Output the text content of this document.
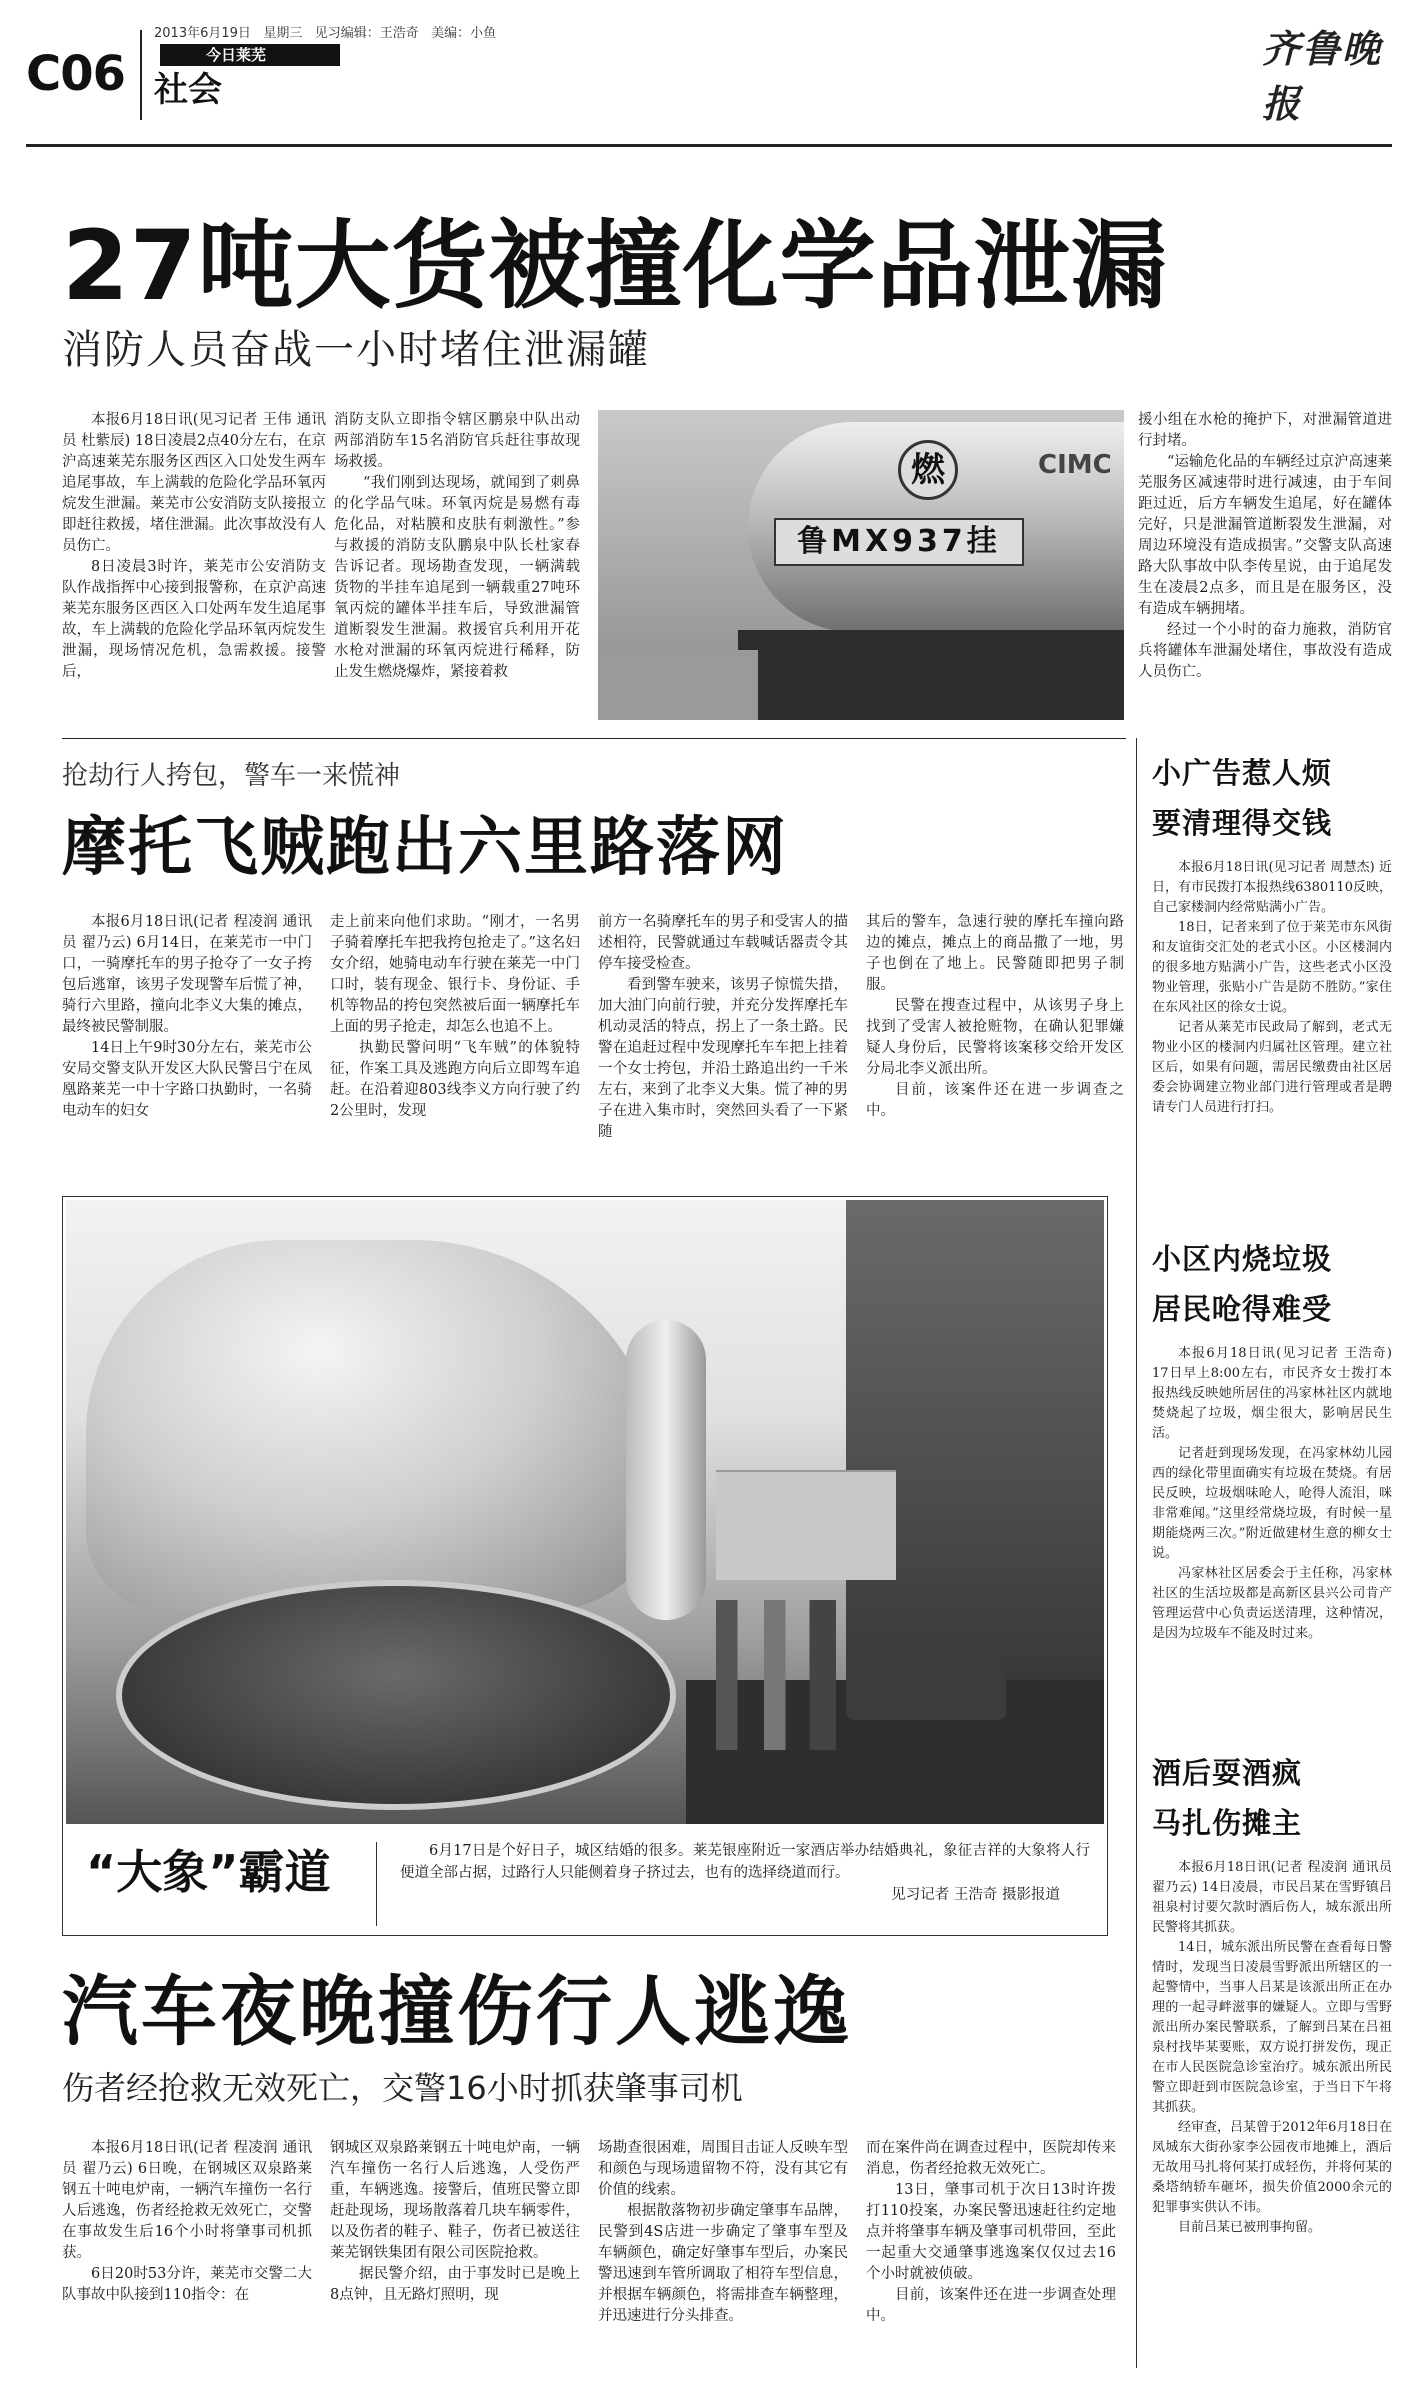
C06
2013年6月19日 星期三 见习编辑：王浩奇 美编：小鱼
今日莱芜
社会
齐鲁晚报
27吨大货被撞化学品泄漏
消防人员奋战一小时堵住泄漏罐

本报6月18日讯(见习记者 王伟 通讯员 杜紫辰) 18日凌晨2点40分左右，在京沪高速莱芜东服务区西区入口处发生两车追尾事故，车上满载的危险化学品环氧丙烷发生泄漏。莱芜市公安消防支队接报立即赶往救援，堵住泄漏。此次事故没有人员伤亡。

8日凌晨3时许，莱芜市公安消防支队作战指挥中心接到报警称，在京沪高速莱芜东服务区西区入口处两车发生追尾事故，车上满载的危险化学品环氧丙烷发生泄漏，现场情况危机，急需救援。接警后，

燃	CIMC
鲁MX937挂

消防支队立即指令辖区鹏泉中队出动两部消防车15名消防官兵赶往事故现场救援。

“我们刚到达现场，就闻到了刺鼻的化学品气味。环氧丙烷是易燃有毒危化品，对粘膜和皮肤有刺激性。”参与救援的消防支队鹏泉中队长杜家春告诉记者。现场勘查发现，一辆满载货物的半挂车追尾到一辆载重27吨环氧丙烷的罐体半挂车后，导致泄漏管道断裂发生泄漏。救援官兵利用开花水枪对泄漏的环氧丙烷进行稀释，防止发生燃烧爆炸，紧接着救

援小组在水枪的掩护下，对泄漏管道进行封堵。

“运输危化品的车辆经过京沪高速莱芜服务区减速带时进行减速，由于车间距过近，后方车辆发生追尾，好在罐体完好，只是泄漏管道断裂发生泄漏，对周边环境没有造成损害。”交警支队高速路大队事故中队李传星说，由于追尾发生在凌晨2点多，而且是在服务区，没有造成车辆拥堵。

经过一个小时的奋力施救，消防官兵将罐体车泄漏处堵住，事故没有造成人员伤亡。

抢劫行人挎包，警车一来慌神
摩托飞贼跑出六里路落网

本报6月18日讯(记者 程凌润 通讯员 翟乃云) 6月14日，在莱芜市一中门口，一骑摩托车的男子抢夺了一女子挎包后逃窜，该男子发现警车后慌了神，骑行六里路，撞向北李义大集的摊点，最终被民警制服。

14日上午9时30分左右，莱芜市公安局交警支队开发区大队民警吕宁在凤凰路莱芜一中十字路口执勤时，一名骑电动车的妇女

走上前来向他们求助。“刚才，一名男子骑着摩托车把我挎包抢走了。”这名妇女介绍，她骑电动车行驶在莱芜一中门口时，装有现金、银行卡、身份证、手机等物品的挎包突然被后面一辆摩托车上面的男子抢走，却怎么也追不上。

执勤民警问明“飞车贼”的体貌特征，作案工具及逃跑方向后立即驾车追赶。在沿着迎803线李义方向行驶了约2公里时，发现

前方一名骑摩托车的男子和受害人的描述相符，民警就通过车载喊话器责令其停车接受检查。

看到警车驶来，该男子惊慌失措，加大油门向前行驶，并充分发挥摩托车机动灵活的特点，拐上了一条土路。民警在追赶过程中发现摩托车车把上挂着一个女士挎包，并沿土路追出约一千米左右，来到了北李义大集。慌了神的男子在进入集市时，突然回头看了一下紧随

其后的警车，急速行驶的摩托车撞向路边的摊点，摊点上的商品撒了一地，男子也倒在了地上。民警随即把男子制服。

民警在搜查过程中，从该男子身上找到了受害人被抢赃物，在确认犯罪嫌疑人身份后，民警将该案移交给开发区分局北李义派出所。

目前，该案件还在进一步调查之中。

“大象”霸道	6月17日是个好日子，城区结婚的很多。莱芜银座附近一家酒店举办结婚典礼，象征吉祥的大象将人行便道全部占据，过路行人只能侧着身子挤过去，也有的选择绕道而行。

见习记者 王浩奇 摄影报道

汽车夜晚撞伤行人逃逸
伤者经抢救无效死亡，交警16小时抓获肇事司机

本报6月18日讯(记者 程凌润 通讯员 翟乃云) 6日晚，在钢城区双泉路莱钢五十吨电炉南，一辆汽车撞伤一名行人后逃逸，伤者经抢救无效死亡，交警在事故发生后16个小时将肇事司机抓获。

6日20时53分许，莱芜市交警二大队事故中队接到110指令：在

钢城区双泉路莱钢五十吨电炉南，一辆汽车撞伤一名行人后逃逸，人受伤严重，车辆逃逸。接警后，值班民警立即赶赴现场，现场散落着几块车辆零件，以及伤者的鞋子、鞋子，伤者已被送往莱芜钢铁集团有限公司医院抢救。

据民警介绍，由于事发时已是晚上8点钟，且无路灯照明，现

场勘查很困难，周围目击证人反映车型和颜色与现场遗留物不符，没有其它有价值的线索。

根据散落物初步确定肇事车品牌，民警到4S店进一步确定了肇事车型及车辆颜色，确定好肇事车型后，办案民警迅速到车管所调取了相符车型信息，并根据车辆颜色，将需排查车辆整理，并迅速进行分头排查。

而在案件尚在调查过程中，医院却传来消息，伤者经抢救无效死亡。

13日，肇事司机于次日13时许拨打110投案，办案民警迅速赶往约定地点并将肇事车辆及肇事司机带回，至此一起重大交通肇事逃逸案仅仅过去16个小时就被侦破。

目前，该案件还在进一步调查处理中。

小广告惹人烦
要清理得交钱

本报6月18日讯(见习记者 周慧杰) 近日，有市民拨打本报热线6380110反映，自己家楼洞内经常贴满小广告。

18日，记者来到了位于莱芜市东风街和友谊街交汇处的老式小区。小区楼洞内的很多地方贴满小广告，这些老式小区没物业管理，张贴小广告是防不胜防。”家住在东风社区的徐女士说。

记者从莱芜市民政局了解到，老式无物业小区的楼洞内归属社区管理。建立社区后，如果有问题，需居民缴费由社区居委会协调建立物业部门进行管理或者是聘请专门人员进行打扫。

小区内烧垃圾
居民呛得难受

本报6月18日讯(见习记者 王浩奇) 17日早上8:00左右，市民齐女士拨打本报热线反映她所居住的冯家林社区内就地焚烧起了垃圾，烟尘很大，影响居民生活。

记者赶到现场发现，在冯家林幼儿园西的绿化带里面确实有垃圾在焚烧。有居民反映，垃圾烟味呛人，呛得人流泪，咪非常难闻。”这里经常烧垃圾，有时候一星期能烧两三次。”附近做建材生意的柳女士说。

冯家林社区居委会于主任称，冯家林社区的生活垃圾都是高新区县兴公司肯产管理运营中心负责运送清理，这种情况，是因为垃圾车不能及时过来。

酒后耍酒疯
马扎伤摊主

本报6月18日讯(记者 程凌润 通讯员 翟乃云) 14日凌晨，市民吕某在雪野镇吕祖泉村讨要欠款时酒后伤人，城东派出所民警将其抓获。

14日，城东派出所民警在查看每日警情时，发现当日凌晨雪野派出所辖区的一起警情中，当事人吕某是该派出所正在办理的一起寻衅滋事的嫌疑人。立即与雪野派出所办案民警联系，了解到吕某在吕祖泉村找毕某要账，双方说打拼发伤，现正在市人民医院急诊室治疗。城东派出所民警立即赶到市医院急诊室，于当日下午将其抓获。

经审查，吕某曾于2012年6月18日在凤城东大街孙家李公园夜市地摊上，酒后无故用马扎将何某打成轻伤，并将何某的桑塔纳轿车砸坏，损失价值2000余元的犯罪事实供认不讳。

目前吕某已被刑事拘留。
